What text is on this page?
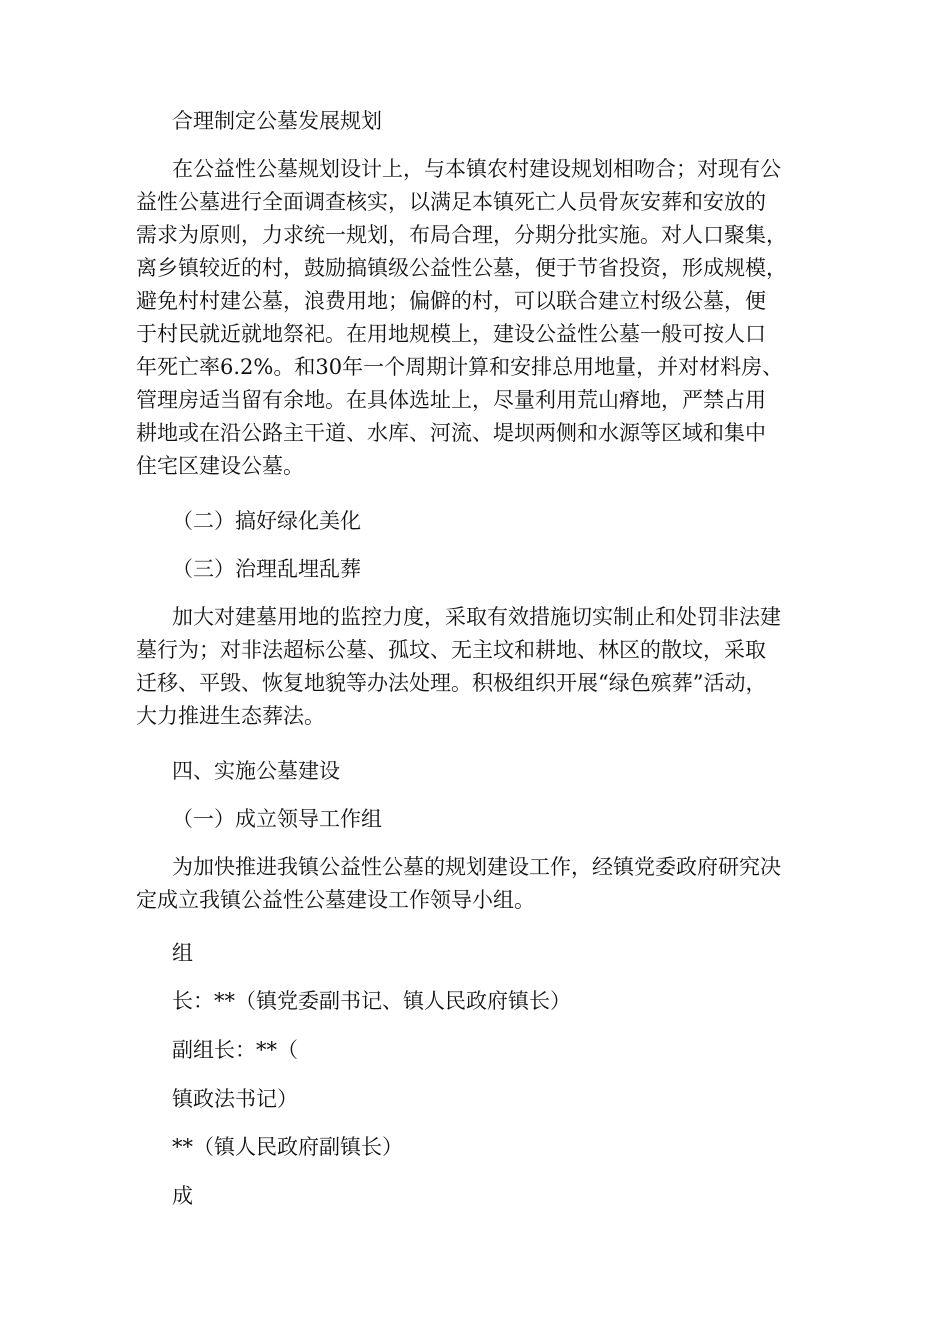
合理制定公墓发展规划

在公益性公墓规划设计上，与本镇农村建设规划相吻合；对现有公

益性公墓进行全面调查核实，以满足本镇死亡人员骨灰安葬和安放的

需求为原则，力求统一规划，布局合理，分期分批实施。对人口聚集，

离乡镇较近的村，鼓励搞镇级公益性公墓，便于节省投资，形成规模，

避免村村建公墓，浪费用地；偏僻的村，可以联合建立村级公墓，便

于村民就近就地祭祀。在用地规模上，建设公益性公墓一般可按人口

年死亡率6.2%。和30年一个周期计算和安排总用地量，并对材料房、

管理房适当留有余地。在具体选址上，尽量利用荒山瘠地，严禁占用

耕地或在沿公路主干道、水库、河流、堤坝两侧和水源等区域和集中

住宅区建设公墓。

（二）搞好绿化美化

（三）治理乱埋乱葬

加大对建墓用地的监控力度，采取有效措施切实制止和处罚非法建

墓行为；对非法超标公墓、孤坟、无主坟和耕地、林区的散坟，采取

迁移、平毁、恢复地貌等办法处理。积极组织开展“绿色殡葬”活动，

大力推进生态葬法。

四、实施公墓建设

（一）成立领导工作组

为加快推进我镇公益性公墓的规划建设工作，经镇党委政府研究决

定成立我镇公益性公墓建设工作领导小组。

组

长：**（镇党委副书记、镇人民政府镇长）

副组长：**（

镇政法书记）

**（镇人民政府副镇长）

成
